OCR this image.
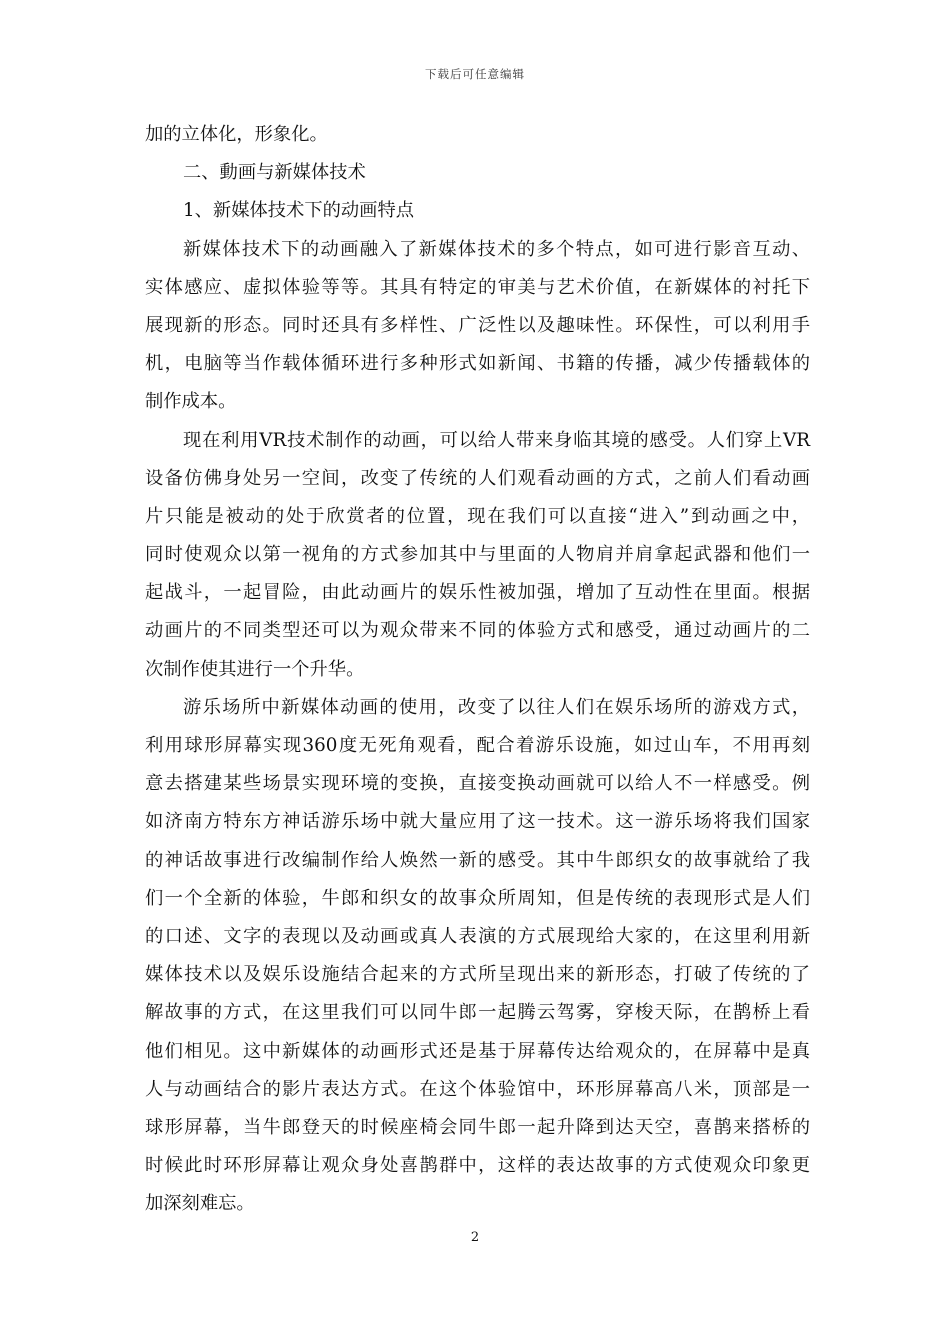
下载后可任意编辑
加的立体化，形象化。
二、動画与新媒体技术
1、新媒体技术下的动画特点
新媒体技术下的动画融入了新媒体技术的多个特点，如可进行影音互动、
实体感应、虚拟体验等等。其具有特定的审美与艺术价值，在新媒体的衬托下
展现新的形态。同时还具有多样性、广泛性以及趣味性。环保性，可以利用手
机，电脑等当作载体循环进行多种形式如新闻、书籍的传播，减少传播载体的
制作成本。
现在利用VR技术制作的动画，可以给人带来身临其境的感受。人们穿上VR
设备仿佛身处另一空间，改变了传统的人们观看动画的方式，之前人们看动画
片只能是被动的处于欣赏者的位置，现在我们可以直接“进入”到动画之中，
同时使观众以第一视角的方式参加其中与里面的人物肩并肩拿起武器和他们一
起战斗，一起冒险，由此动画片的娱乐性被加强，增加了互动性在里面。根据
动画片的不同类型还可以为观众带来不同的体验方式和感受，通过动画片的二
次制作使其进行一个升华。
游乐场所中新媒体动画的使用，改变了以往人们在娱乐场所的游戏方式，
利用球形屏幕实现360度无死角观看，配合着游乐设施，如过山车，不用再刻
意去搭建某些场景实现环境的变换，直接变换动画就可以给人不一样感受。例
如济南方特东方神话游乐场中就大量应用了这一技术。这一游乐场将我们国家
的神话故事进行改编制作给人焕然一新的感受。其中牛郎织女的故事就给了我
们一个全新的体验，牛郎和织女的故事众所周知，但是传统的表现形式是人们
的口述、文字的表现以及动画或真人表演的方式展现给大家的，在这里利用新
媒体技术以及娱乐设施结合起来的方式所呈现出来的新形态，打破了传统的了
解故事的方式，在这里我们可以同牛郎一起腾云驾雾，穿梭天际，在鹊桥上看
他们相见。这中新媒体的动画形式还是基于屏幕传达给观众的，在屏幕中是真
人与动画结合的影片表达方式。在这个体验馆中，环形屏幕高八米，顶部是一
球形屏幕，当牛郎登天的时候座椅会同牛郎一起升降到达天空，喜鹊来搭桥的
时候此时环形屏幕让观众身处喜鹊群中，这样的表达故事的方式使观众印象更
加深刻难忘。
2
